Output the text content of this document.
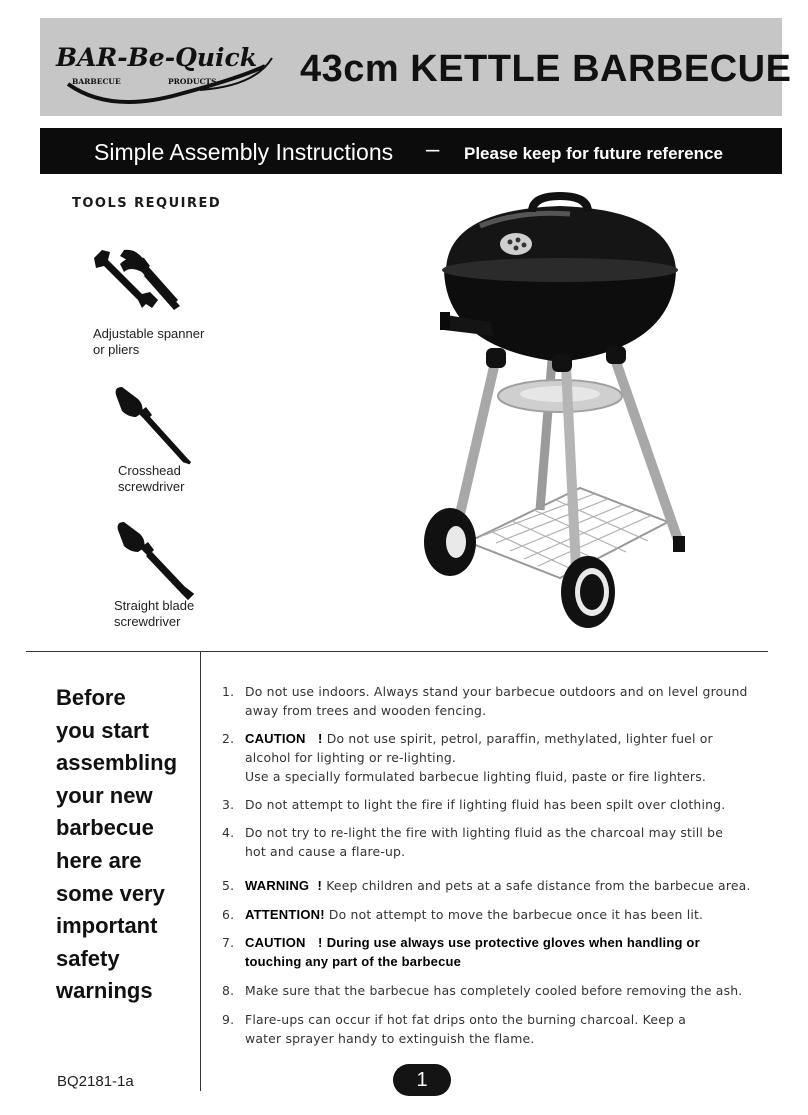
BAR-Be-Quick
BARBECUE	PRODUCTS 43cm KETTLE BARBECUE
Simple Assembly Instructions – Please keep for future reference
TOOLS REQUIRED
Adjustable spanner
or pliers
Crosshead
screwdriver
Straight blade
screwdriver
Before
you start
assembling
your new
barbecue
here are
some very
important
safety
warnings
1. Do not use indoors. Always stand your barbecue outdoors and on level ground
away from trees and wooden fencing.
2. CAUTION ! Do not use spirit, petrol, paraffin, methylated, lighter fuel or
alcohol for lighting or re-lighting.
Use a specially formulated barbecue lighting fluid, paste or fire lighters.
3. Do not attempt to light the fire if lighting fluid has been spilt over clothing.
4. Do not try to re-light the fire with lighting fluid as the charcoal may still be
hot and cause a flare-up.
5. WARNING ! Keep children and pets at a safe distance from the barbecue area.
6. ATTENTION! Do not attempt to move the barbecue once it has been lit.
7. CAUTION ! During use always use protective gloves when handling or
touching any part of the barbecue
8. Make sure that the barbecue has completely cooled before removing the ash.
9. Flare-ups can occur if hot fat drips onto the burning charcoal. Keep a
water sprayer handy to extinguish the flame.
BQ2181-1a	1
